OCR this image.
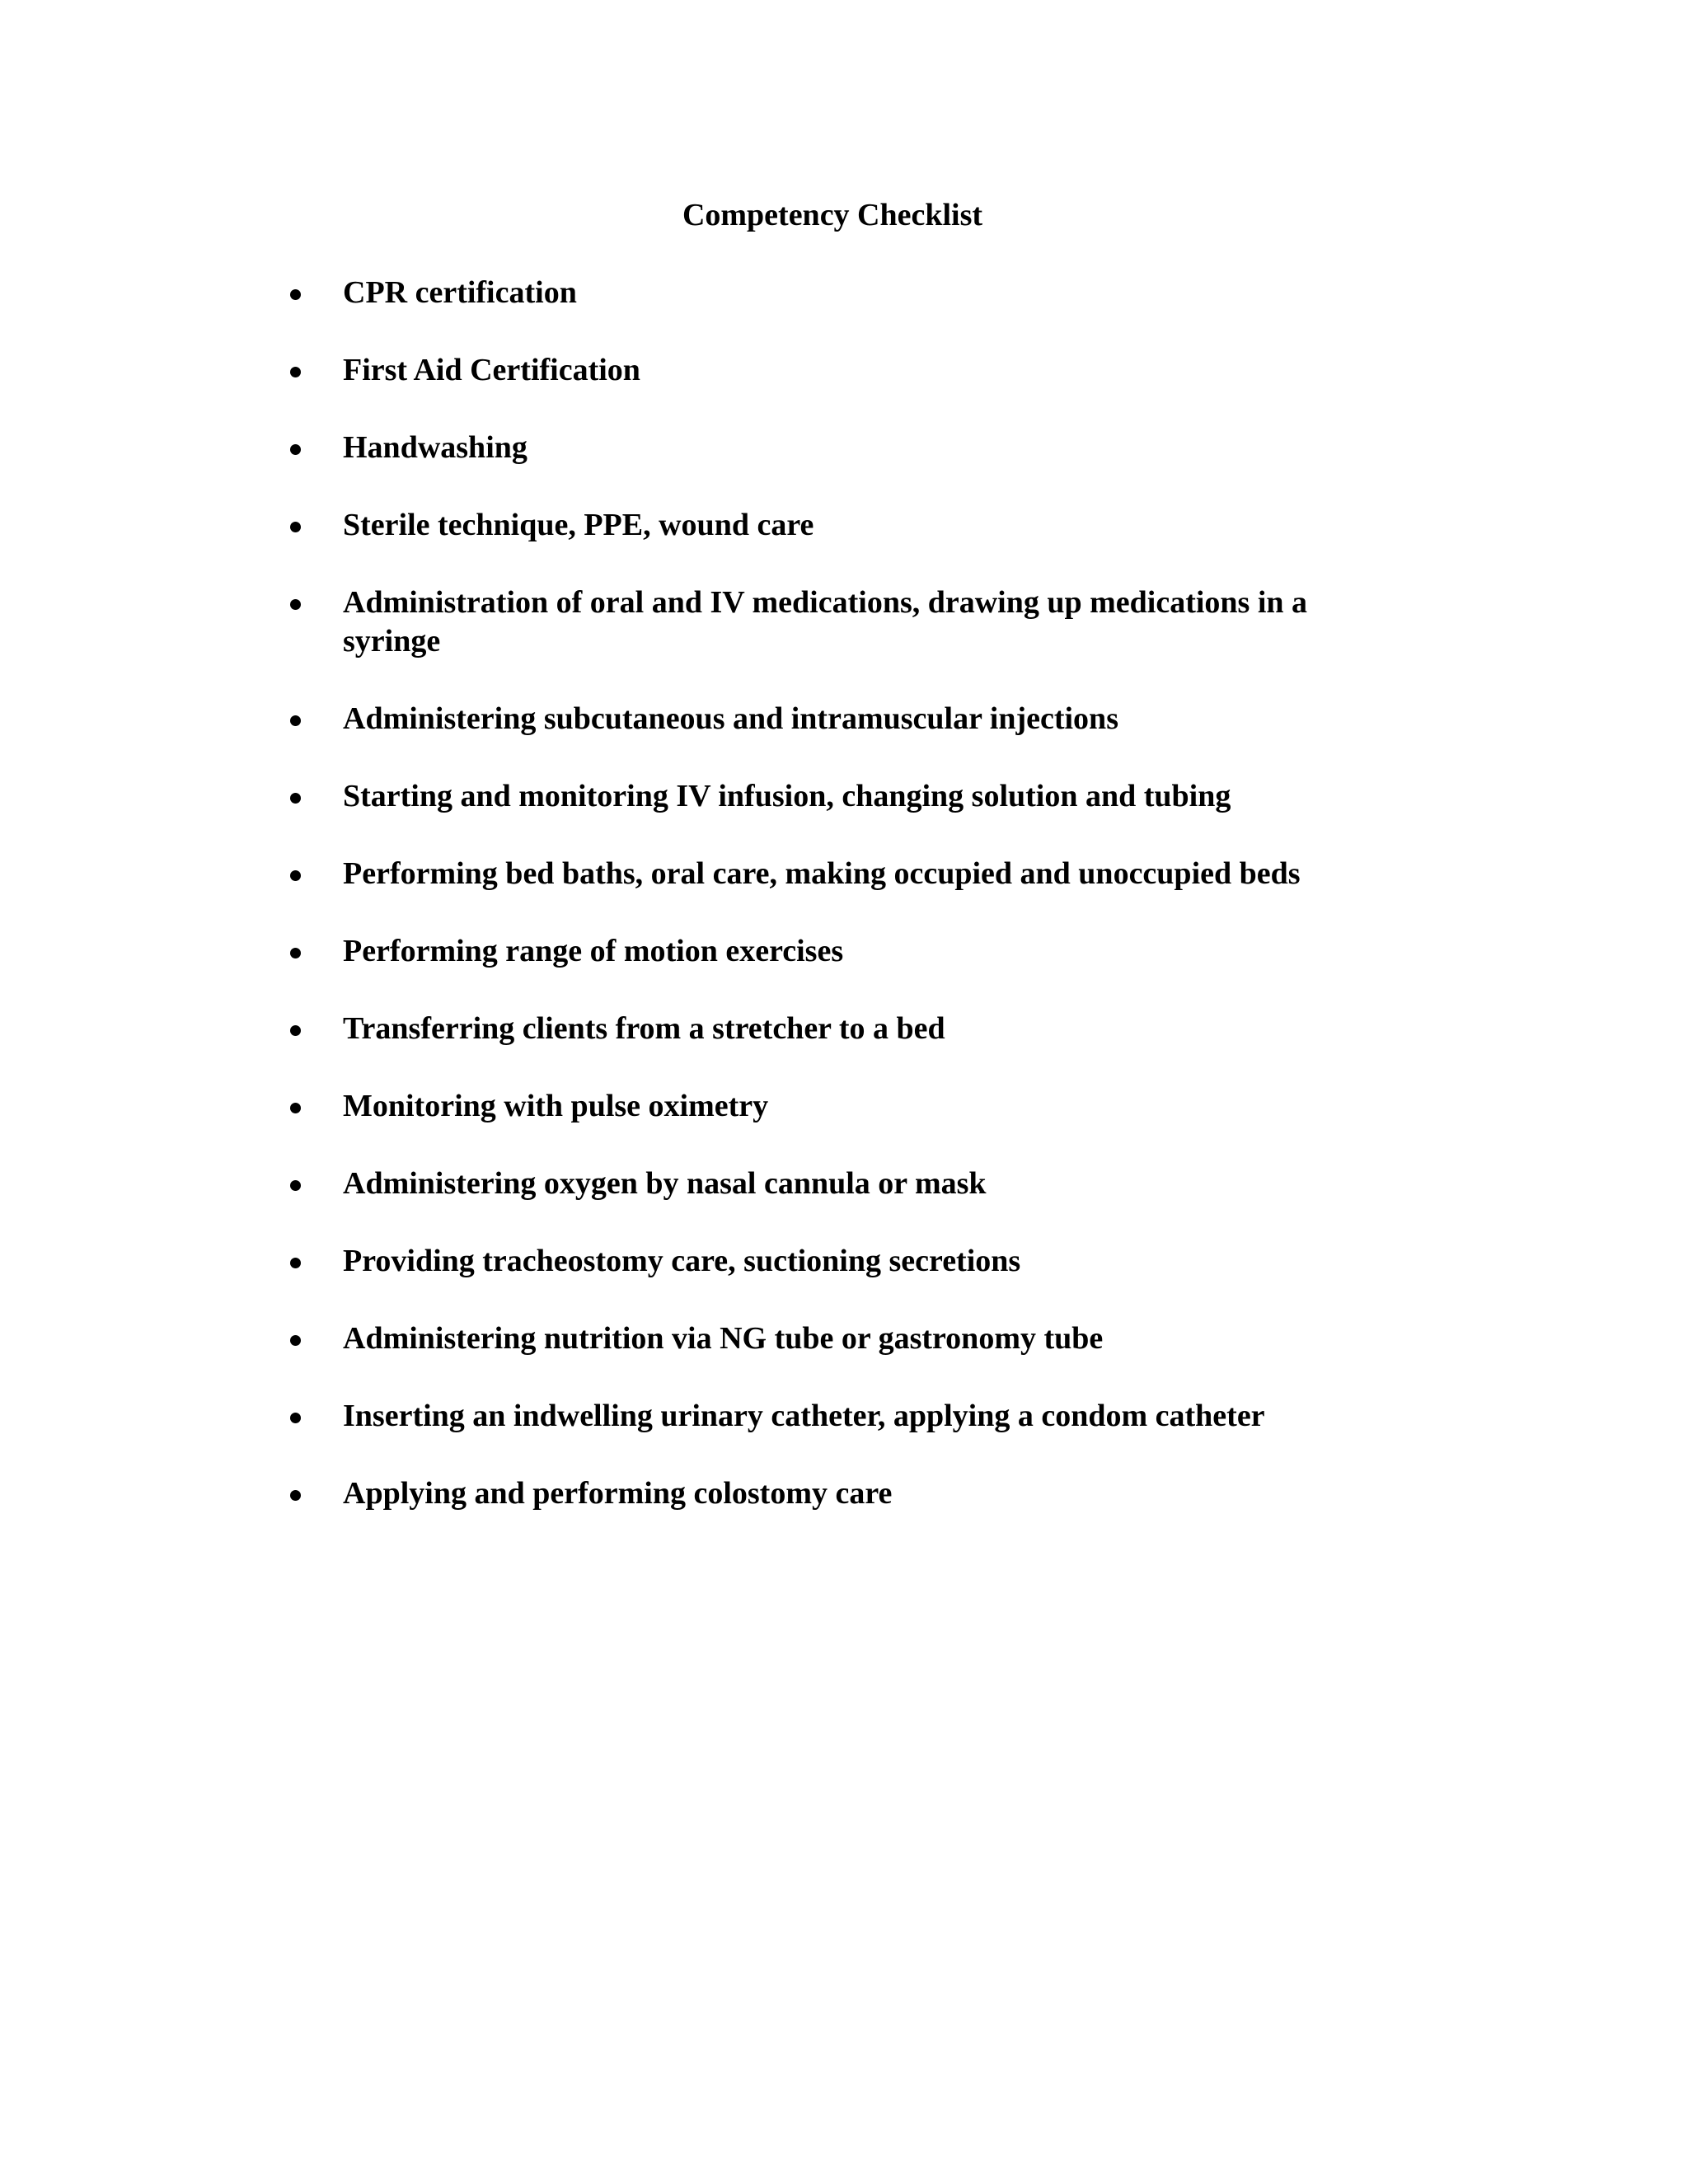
Competency Checklist
CPR certification
First Aid Certification
Handwashing
Sterile technique, PPE, wound care
Administration of oral and IV medications, drawing up medications in a syringe
Administering subcutaneous and intramuscular injections
Starting and monitoring IV infusion, changing solution and tubing
Performing bed baths, oral care, making occupied and unoccupied beds
Performing range of motion exercises
Transferring clients from a stretcher to a bed
Monitoring with pulse oximetry
Administering oxygen by nasal cannula or mask
Providing tracheostomy care, suctioning secretions
Administering nutrition via NG tube or gastronomy tube
Inserting an indwelling urinary catheter, applying a condom catheter
Applying and performing colostomy care
